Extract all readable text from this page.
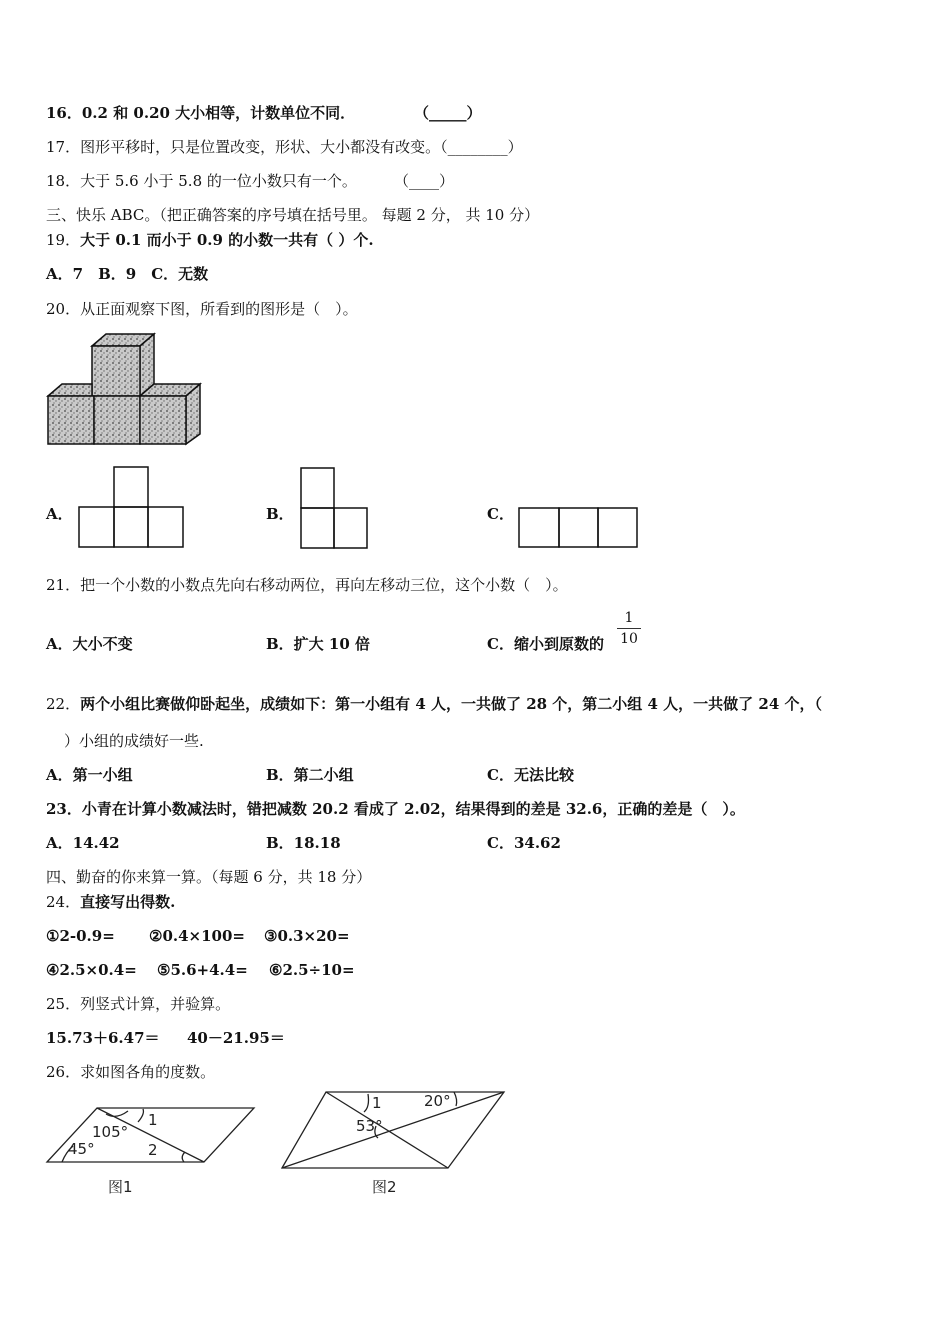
16．0.2 和 0.20 大小相等，计数单位不同．	（_____）
17．图形平移时，只是位置改变，形状、大小都没有改变。（________）
18．大于 5.6 小于 5.8 的一位小数只有一个。 （____）
三、快乐 ABC。（把正确答案的序号填在括号里。 每题 2 分， 共 10 分）
19．大于 0.1 而小于 0.9 的小数一共有（ ）个.
A．7　B．9　C．无数
20．从正面观察下图，所看到的图形是（　）。
A．	B．	C．
21．把一个小数的小数点先向右移动两位，再向左移动三位，这个小数（　）。
A．大小不变	B．扩大 10 倍	C．缩小到原数的
1
10
22．两个小组比赛做仰卧起坐，成绩如下：第一小组有 4 人，一共做了 28 个，第二小组 4 人，一共做了 24 个，（
）小组的成绩好一些.
A．第一小组	B．第二小组	C．无法比较
23．小青在计算小数减法时，错把减数 20.2 看成了 2.02，结果得到的差是 32.6，正确的差是（　）。
A．14.42	B．18.18	C．34.62
四、勤奋的你来算一算。（每题 6 分，共 18 分）
24．直接写出得数.
①2-0.9= ②0.4×100= ③0.3×20=
④2.5×0.4= ⑤5.6+4.4= ⑥2.5÷10=
25．列竖式计算，并验算。
15.73＋6.47＝ 40－21.95＝
26．求如图各角的度数。
105°
45°
1
2
图1
1	20°
53°
图2
